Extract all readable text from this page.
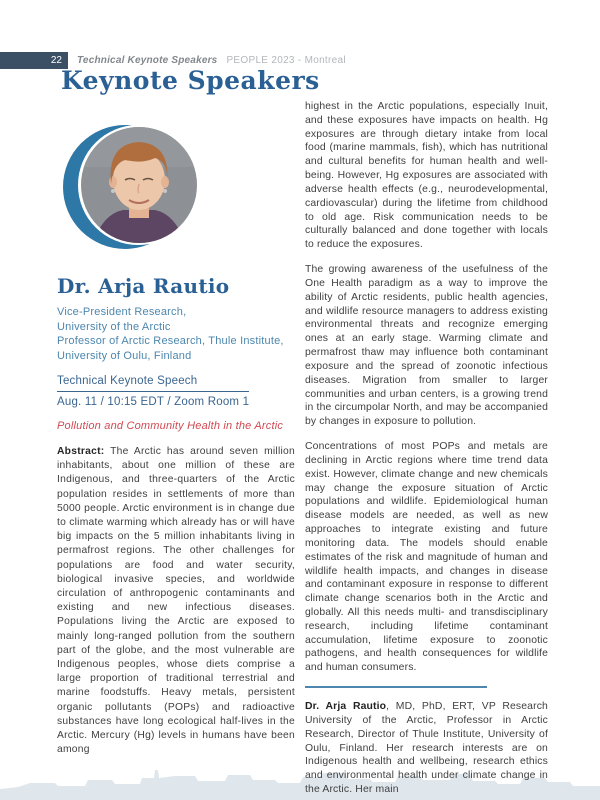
22 Technical Keynote Speakers PEOPLE 2023 - Montreal
Keynote Speakers
Dr. Arja Rautio
Vice-President Research,
University of the Arctic
Professor of Arctic Research, Thule Institute,
University of Oulu, Finland
Technical Keynote Speech
Aug. 11 / 10:15 EDT / Zoom Room 1
Pollution and Community Health in the Arctic
Abstract: The Arctic has around seven million inhabitants, about one million of these are Indigenous, and three-quarters of the Arctic population resides in settlements of more than 5000 people. Arctic environment is in change due to climate warming which already has or will have big impacts on the 5 million inhabitants living in permafrost regions. The other challenges for populations are food and water security, biological invasive species, and worldwide circulation of anthropogenic contaminants and existing and new infectious diseases. Populations living the Arctic are exposed to mainly long-ranged pollution from the southern part of the globe, and the most vulnerable are Indigenous peoples, whose diets comprise a large proportion of traditional terrestrial and marine foodstuffs. Heavy metals, persistent organic pollutants (POPs) and radioactive substances have long ecological half-lives in the Arctic. Mercury (Hg) levels in humans have been among

highest in the Arctic populations, especially Inuit, and these exposures have impacts on health. Hg exposures are through dietary intake from local food (marine mammals, fish), which has nutritional and cultural benefits for human health and well-being. However, Hg exposures are associated with adverse health effects (e.g., neurodevelopmental, cardiovascular) during the lifetime from childhood to old age. Risk communication needs to be culturally balanced and done together with locals to reduce the exposures.

The growing awareness of the usefulness of the One Health paradigm as a way to improve the ability of Arctic residents, public health agencies, and wildlife resource managers to address existing environmental threats and recognize emerging ones at an early stage. Warming climate and permafrost thaw may influence both contaminant exposure and the spread of zoonotic infectious diseases. Migration from smaller to larger communities and urban centers, is a growing trend in the circumpolar North, and may be accompanied by changes in exposure to pollution.

Concentrations of most POPs and metals are declining in Arctic regions where time trend data exist. However, climate change and new chemicals may change the exposure situation of Arctic populations and wildlife. Epidemiological human disease models are needed, as well as new approaches to integrate existing and future monitoring data. The models should enable estimates of the risk and magnitude of human and wildlife health impacts, and changes in disease and contaminant exposure in response to different climate change scenarios both in the Arctic and globally. All this needs multi- and transdisciplinary research, including lifetime contaminant accumulation, lifetime exposure to zoonotic pathogens, and health consequences for wildlife and human consumers.

Dr. Arja Rautio, MD, PhD, ERT, VP Research University of the Arctic, Professor in Arctic Research, Director of Thule Institute, University of Oulu, Finland. Her research interests are on Indigenous health and wellbeing, research ethics and environmental health under climate change in the Arctic. Her main
